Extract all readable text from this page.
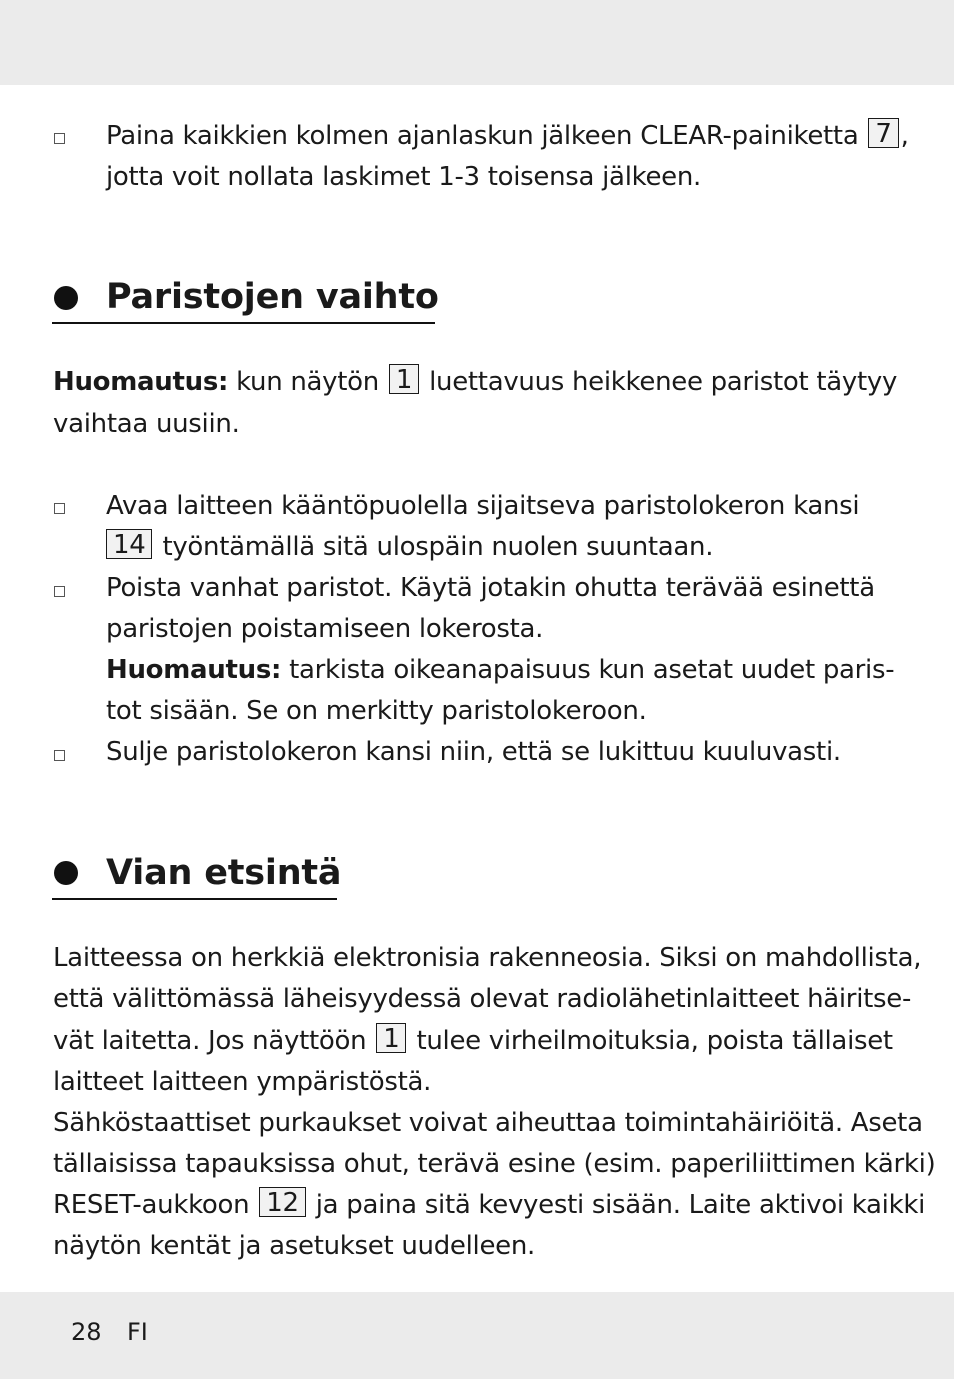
Paina kaikkien kolmen ajanlaskun jälkeen CLEAR-painiketta 7 ,
jotta voit nollata laskimet 1-3 toisensa jälkeen.
Paristojen vaihto
Huomautus: kun näytön 1 luettavuus heikkenee paristot täytyy
vaihtaa uusiin.
Avaa laitteen kääntöpuolella sijaitseva paristolokeron kansi
14 työntämällä sitä ulospäin nuolen suuntaan.
Poista vanhat paristot. Käytä jotakin ohutta terävää esinettä
paristojen poistamiseen lokerosta.
Huomautus: tarkista oikeanapaisuus kun asetat uudet paris-
tot sisään. Se on merkitty paristolokeroon.
Sulje paristolokeron kansi niin, että se lukittuu kuuluvasti.
Vian etsintä
Laitteessa on herkkiä elektronisia rakenneosia. Siksi on mahdollista,
että välittömässä läheisyydessä olevat radiolähetinlaitteet häiritse-
vät laitetta. Jos näyttöön 1 tulee virheilmoituksia, poista tällaiset
laitteet laitteen ympäristöstä.
Sähköstaattiset purkaukset voivat aiheuttaa toimintahäiriöitä. Aseta
tällaisissa tapauksissa ohut, terävä esine (esim. paperiliittimen kärki)
RESET-aukkoon 12 ja paina sitä kevyesti sisään. Laite aktivoi kaikki
näytön kentät ja asetukset uudelleen.
28 FI
